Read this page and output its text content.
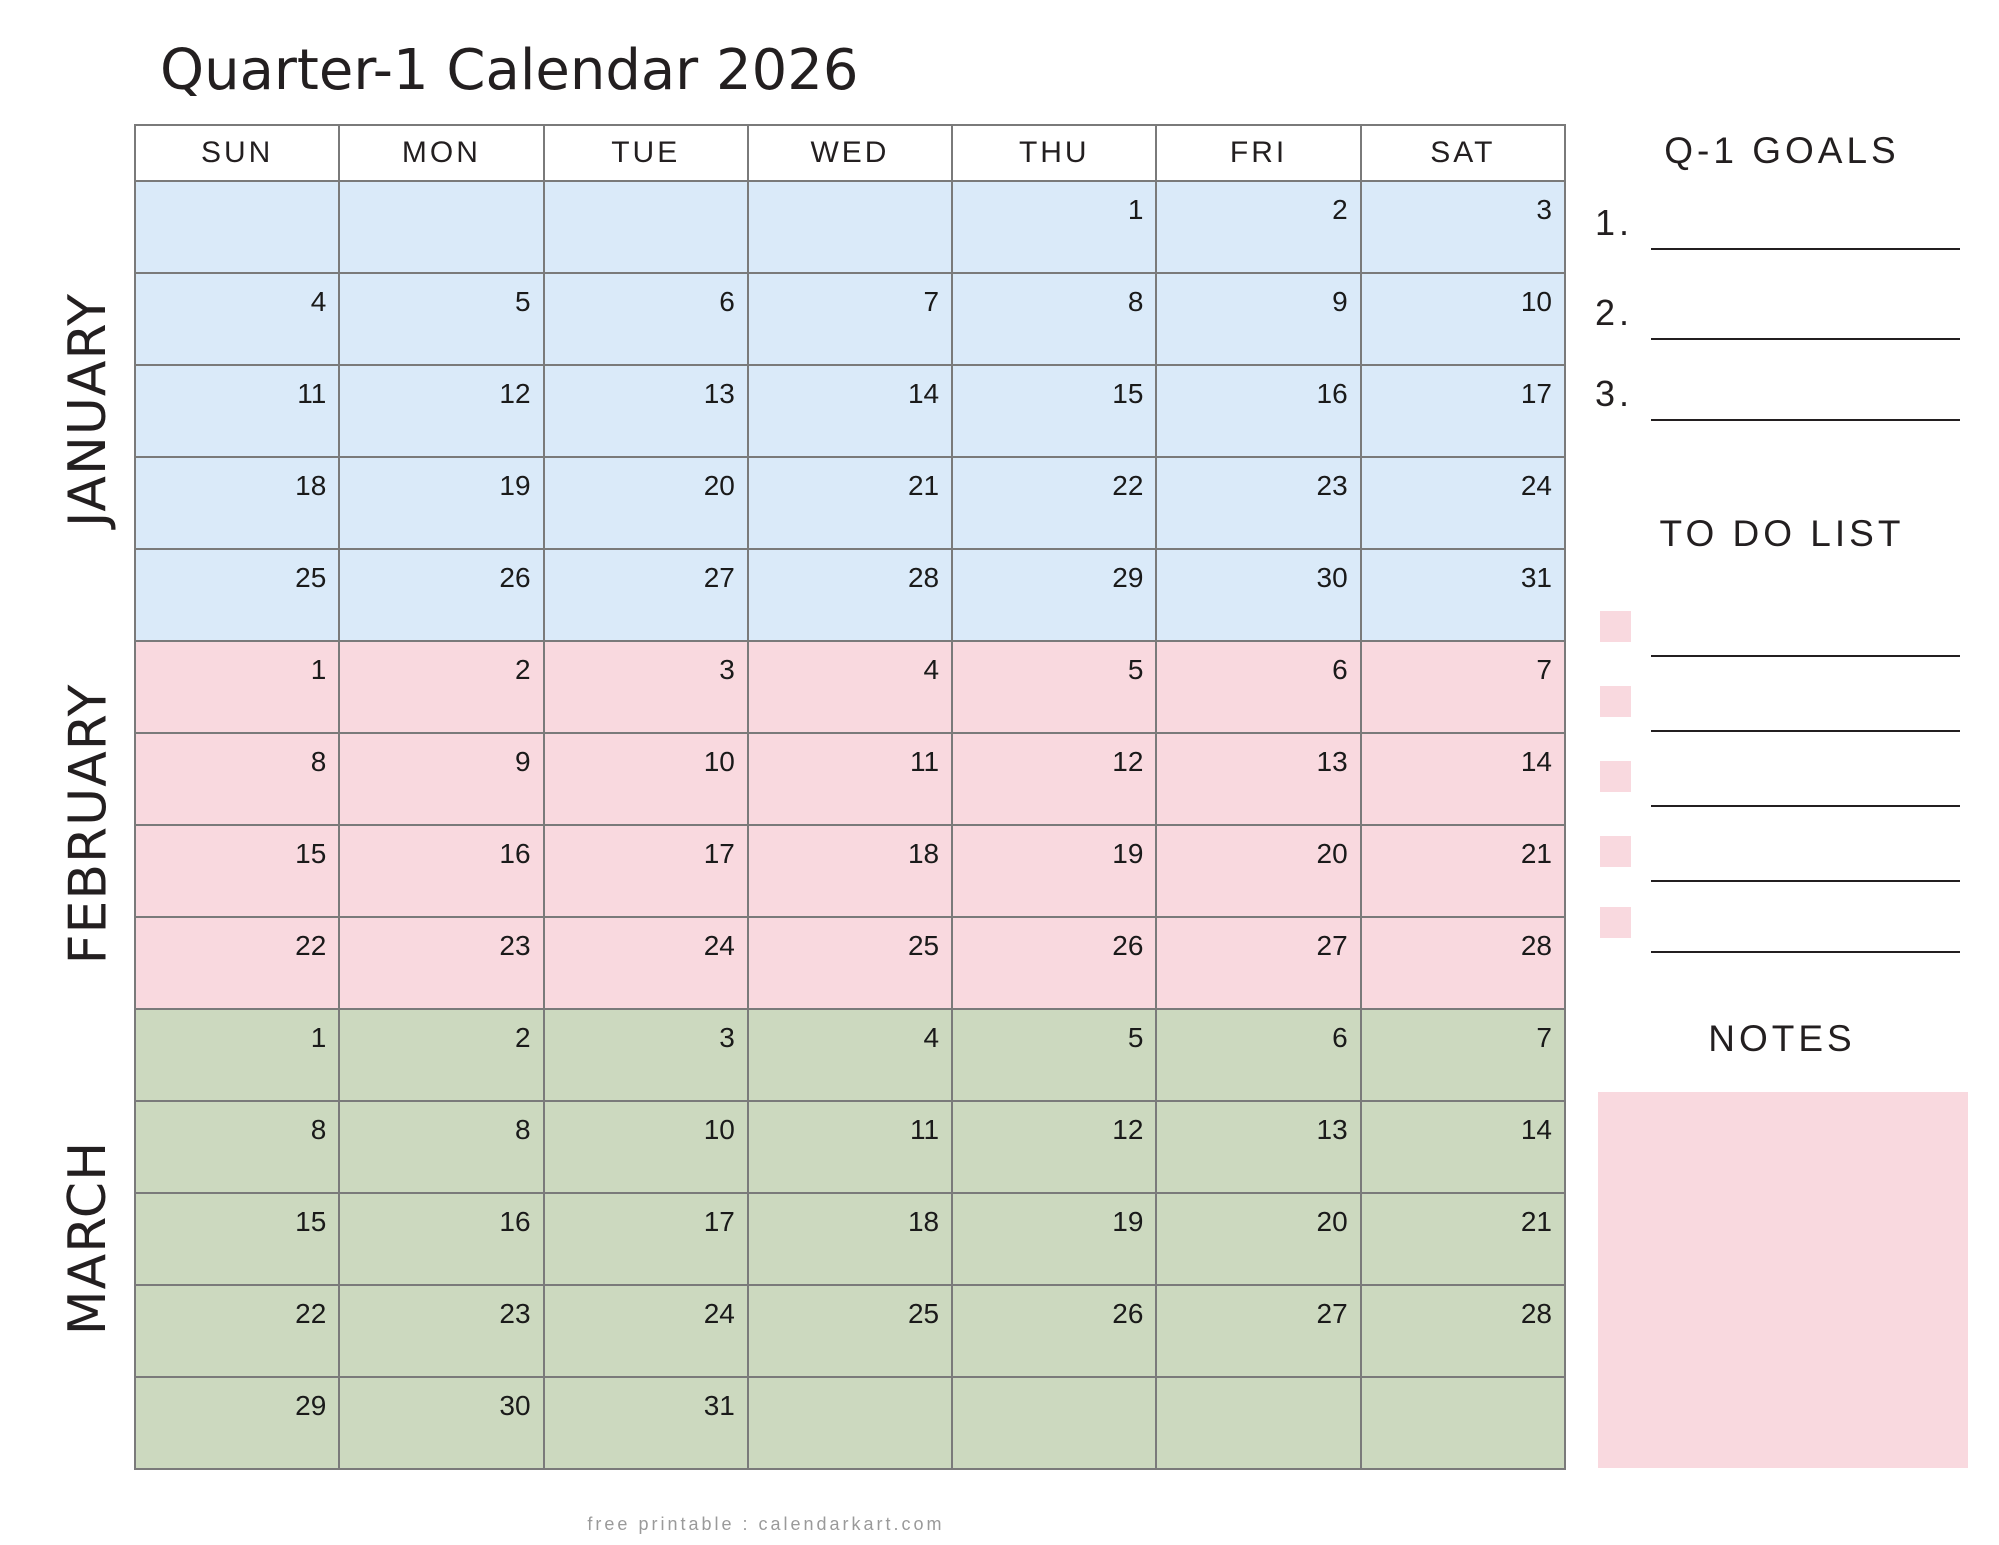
Quarter-1 Calendar 2026
SUN	MON	TUE	WED	THU	FRI	SAT
				1	2	3
4	5	6	7	8	9	10
11	12	13	14	15	16	17
18	19	20	21	22	23	24
25	26	27	28	29	30	31
1	2	3	4	5	6	7
8	9	10	11	12	13	14
15	16	17	18	19	20	21
22	23	24	25	26	27	28
1	2	3	4	5	6	7
8	8	10	11	12	13	14
15	16	17	18	19	20	21
22	23	24	25	26	27	28
29	30	31				
JANUARY
FEBRUARY
MARCH
Q-1 GOALS
1.
2.
3.
TO DO LIST
NOTES
free printable : calendarkart.com
